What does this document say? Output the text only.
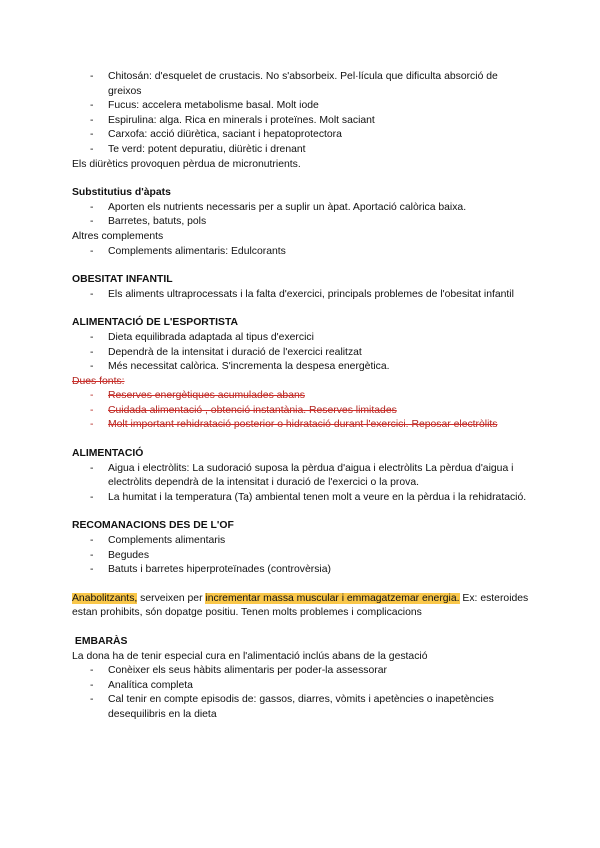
- Chitosán: d'esquelet de crustacis. No s'absorbeix. Pel·lícula que dificulta absorció de greixos
- Fucus: accelera metabolisme basal. Molt iode
- Espirulina: alga. Rica en minerals i proteïnes. Molt saciant
- Carxofa: acció diürètica, saciant i hepatoprotectora
- Te verd: potent depuratiu, diürètic i drenant

Els diürètics provoquen pèrdua de micronutrients.

Substitutius d'àpats
- Aporten els nutrients necessaris per a suplir un àpat. Aportació calòrica baixa.
- Barretes, batuts, pols

Altres complements

- Complements alimentaris: Edulcorants
OBESITAT INFANTIL
- Els aliments ultraprocessats i la falta d'exercici, principals problemes de l'obesitat infantil
ALIMENTACIÓ DE L'ESPORTISTA
- Dieta equilibrada adaptada al tipus d'exercici
- Dependrà de la intensitat i duració de l'exercici realitzat
- Més necessitat calòrica. S'incrementa la despesa energètica.

Dues fonts:

- Reserves energètiques acumulades abans
- Cuidada alimentació , obtenció instantània. Reserves limitades
- Molt important rehidratació posterior o hidratació durant l'exercici. Reposar electròlits
ALIMENTACIÓ
- Aigua i electròlits: La sudoració suposa la pèrdua d'aigua i electròlits La pèrdua d'aigua i electròlits dependrà de la intensitat i duració de l'exercici o la prova.
- La humitat i la temperatura (Ta) ambiental tenen molt a veure en la pèrdua i la rehidratació.
RECOMANACIONS DES DE L'OF
- Complements alimentaris
- Begudes
- Batuts i barretes hiperproteïnades (controvèrsia)

Anabolitzants, serveixen per incrementar massa muscular i emmagatzemar energia. Ex: esteroides estan prohibits, són dopatge positiu. Tenen molts problemes i complicacions

EMBARÀS

La dona ha de tenir especial cura en l'alimentació inclús abans de la gestació

- Conèixer els seus hàbits alimentaris per poder-la assessorar
- Analítica completa
- Cal tenir en compte episodis de: gassos, diarres, vòmits i apetències o inapetències desequilibris en la dieta
